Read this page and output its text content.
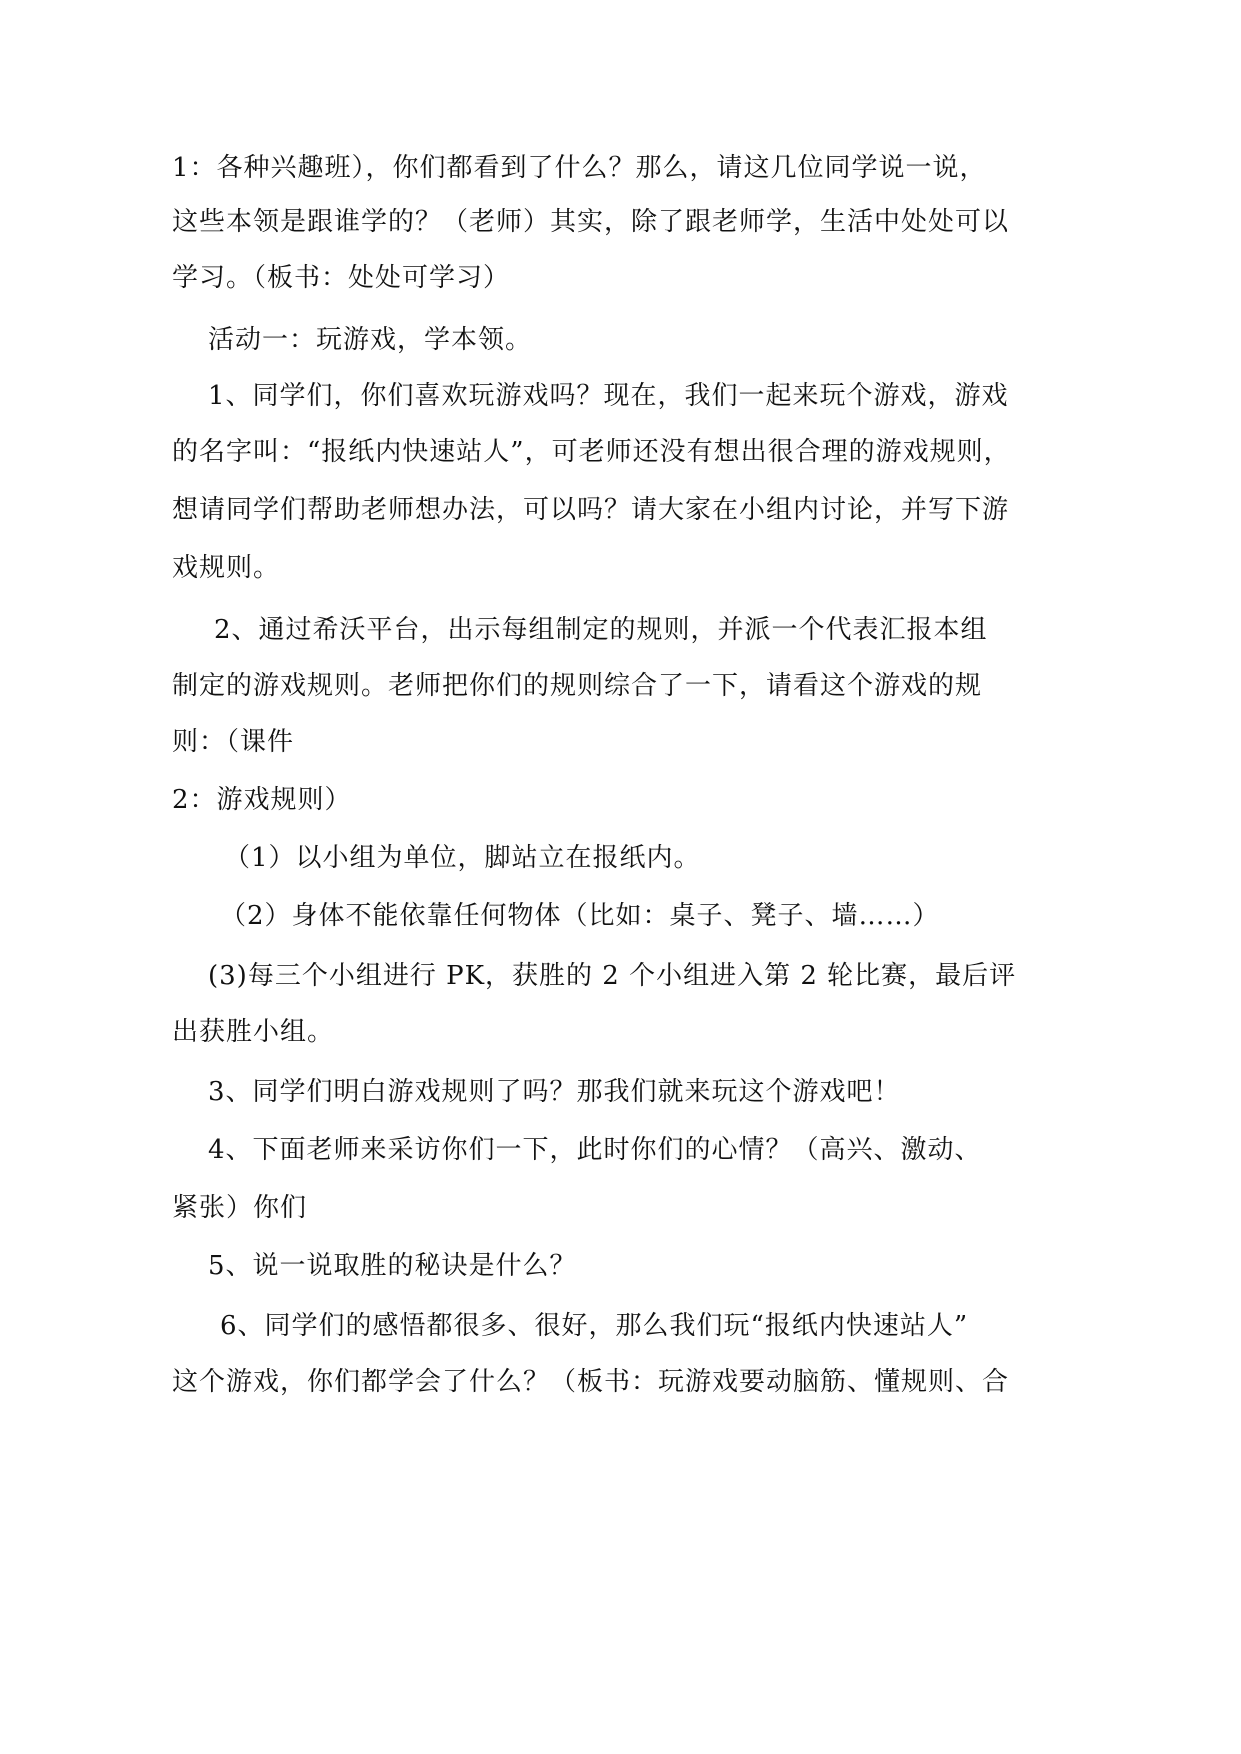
1：各种兴趣班），你们都看到了什么？那么，请这几位同学说一说，
这些本领是跟谁学的？（老师）其实，除了跟老师学，生活中处处可以
学习。（板书：处处可学习）
活动一：玩游戏，学本领。
1、同学们，你们喜欢玩游戏吗？现在，我们一起来玩个游戏，游戏
的名字叫：“报纸内快速站人”，可老师还没有想出很合理的游戏规则，
想请同学们帮助老师想办法，可以吗？请大家在小组内讨论，并写下游
戏规则。
2、通过希沃平台，出示每组制定的规则，并派一个代表汇报本组
制定的游戏规则。老师把你们的规则综合了一下，请看这个游戏的规
则：（课件
2：游戏规则）
（1）以小组为单位，脚站立在报纸内。
（2）身体不能依靠任何物体（比如：桌子、凳子、墙……）
(3)每三个小组进行 PK，获胜的 2 个小组进入第 2 轮比赛，最后评
出获胜小组。
3、同学们明白游戏规则了吗？那我们就来玩这个游戏吧！
4、下面老师来采访你们一下，此时你们的心情？（高兴、激动、
紧张）你们
5、说一说取胜的秘诀是什么？
6、同学们的感悟都很多、很好，那么我们玩“报纸内快速站人”
这个游戏，你们都学会了什么？（板书：玩游戏要动脑筋、懂规则、合
